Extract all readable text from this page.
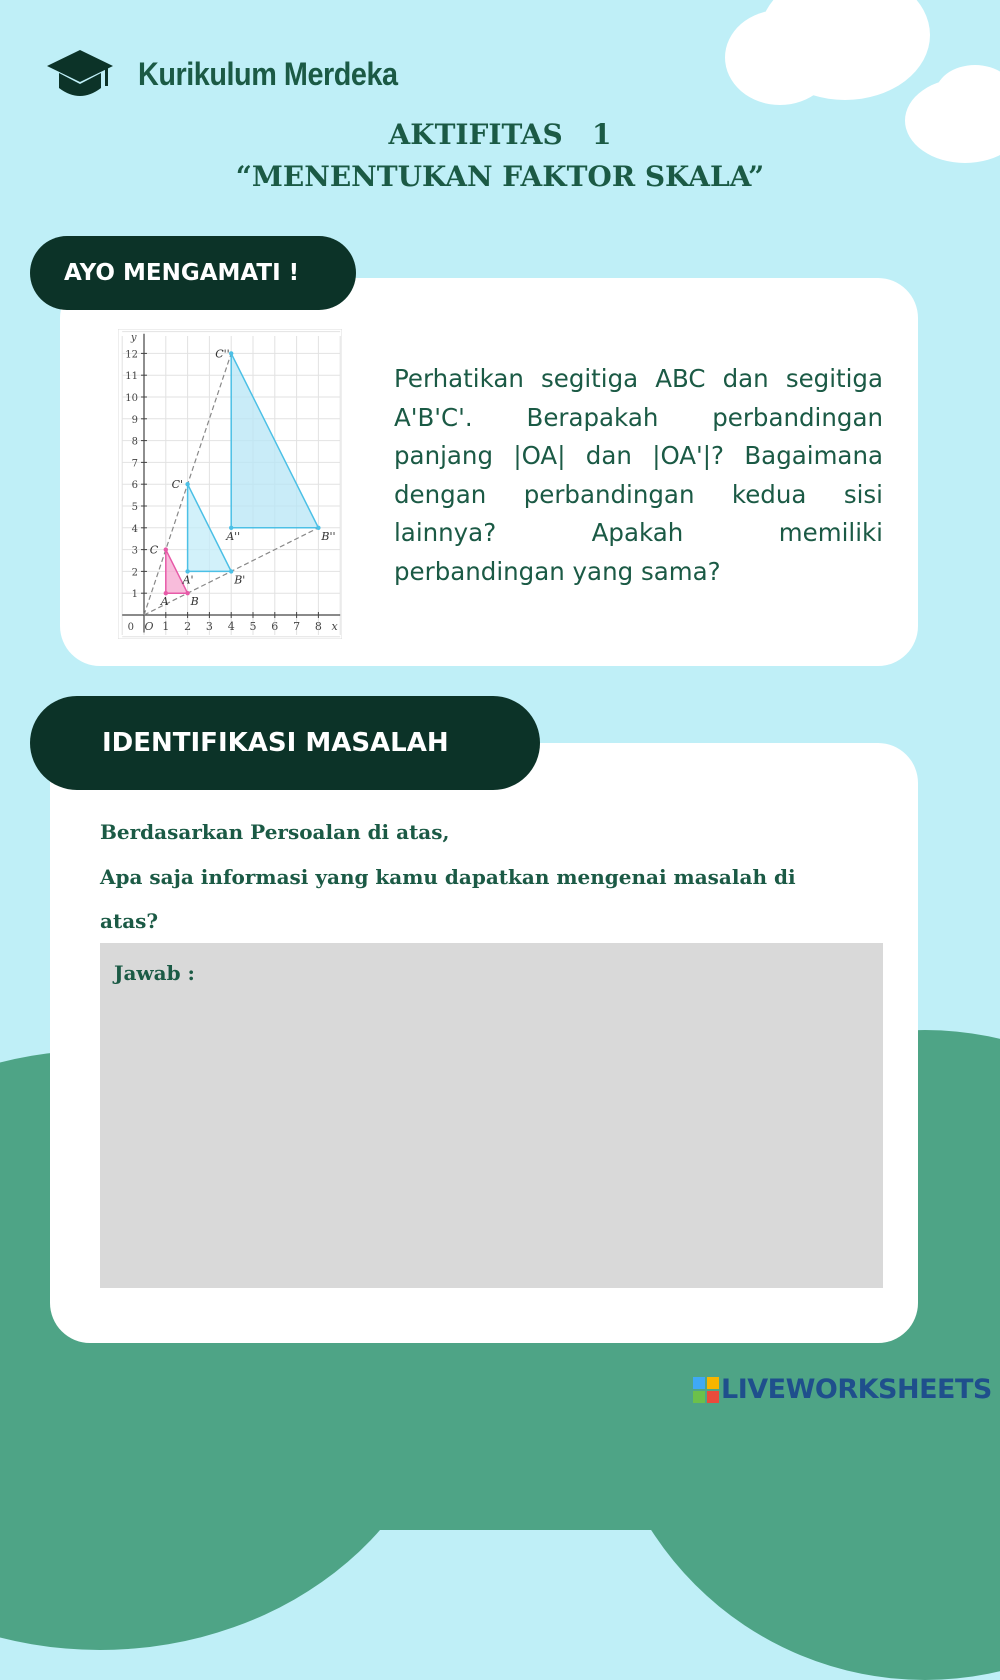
Kurikulum Merdeka
AKTIFITAS   1
“MENENTUKAN FAKTOR SKALA”
AYO MENGAMATI !
O 1 2 3 4 5 6 7 8
0
1
2
3
4
5
6
7
8
9
10
11
12
x
y
A B
C
A'	B'
C'
A''	B''
C''
Perhatikan segitiga ABC dan segitiga A'B'C'. Berapakah perbandingan panjang |OA| dan |OA'|? Bagaimana dengan perbandingan kedua sisi lainnya? Apakah memiliki perbandingan yang sama?
IDENTIFIKASI MASALAH
Berdasarkan Persoalan di atas,
Apa saja informasi yang kamu dapatkan mengenai masalah di
atas?
Jawab :
LIVEWORKSHEETS
